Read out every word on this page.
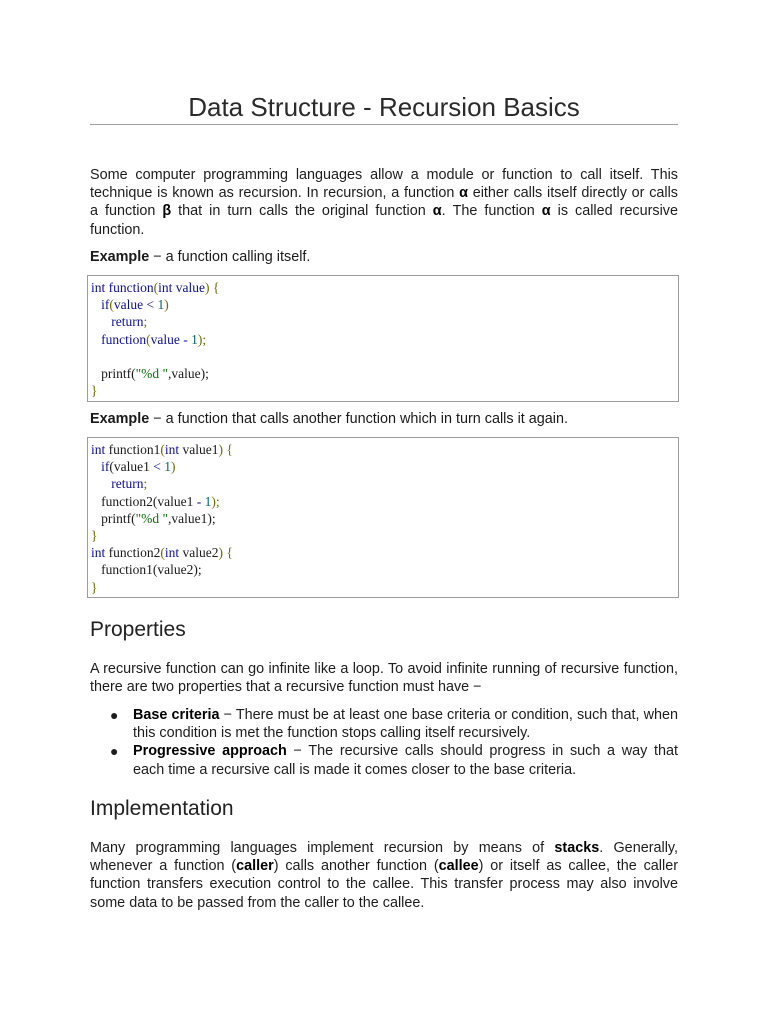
Data Structure - Recursion Basics

Some computer programming languages allow a module or function to call itself. This technique is known as recursion. In recursion, a function α either calls itself directly or calls a function β that in turn calls the original function α. The function α is called recursive function.

Example − a function calling itself.

int function(int value) {
if(value < 1)
return;
function(value - 1);
printf("%d ",value);
}

Example − a function that calls another function which in turn calls it again.

int function1(int value1) {
if(value1 < 1)
return;
function2(value1 - 1);
printf("%d ",value1);
}
int function2(int value2) {
function1(value2);
}
Properties

A recursive function can go infinite like a loop. To avoid infinite running of recursive function, there are two properties that a recursive function must have −

● Base criteria − There must be at least one base criteria or condition, such that, when this condition is met the function stops calling itself recursively.
● Progressive approach − The recursive calls should progress in such a way that each time a recursive call is made it comes closer to the base criteria.
Implementation

Many programming languages implement recursion by means of stacks. Generally, whenever a function (caller) calls another function (callee) or itself as callee, the caller function transfers execution control to the callee. This transfer process may also involve some data to be passed from the caller to the callee.
